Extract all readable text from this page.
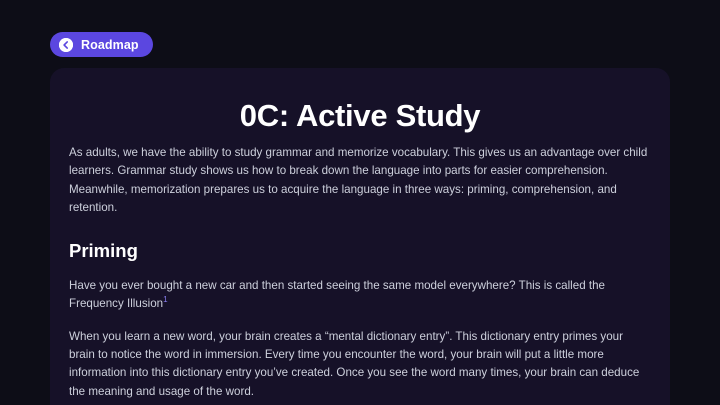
Roadmap
0C: Active Study

As adults, we have the ability to study grammar and memorize vocabulary. This gives us an advantage over child learners. Grammar study shows us how to break down the language into parts for easier comprehension. Meanwhile, memorization prepares us to acquire the language in three ways: priming, comprehension, and retention.

Priming

Have you ever bought a new car and then started seeing the same model everywhere? This is called the Frequency Illusion$^1$

When you learn a new word, your brain creates a “mental dictionary entry”. This dictionary entry primes your brain to notice the word in immersion. Every time you encounter the word, your brain will put a little more information into this dictionary entry you’ve created. Once you see the word many times, your brain can deduce the meaning and usage of the word.
